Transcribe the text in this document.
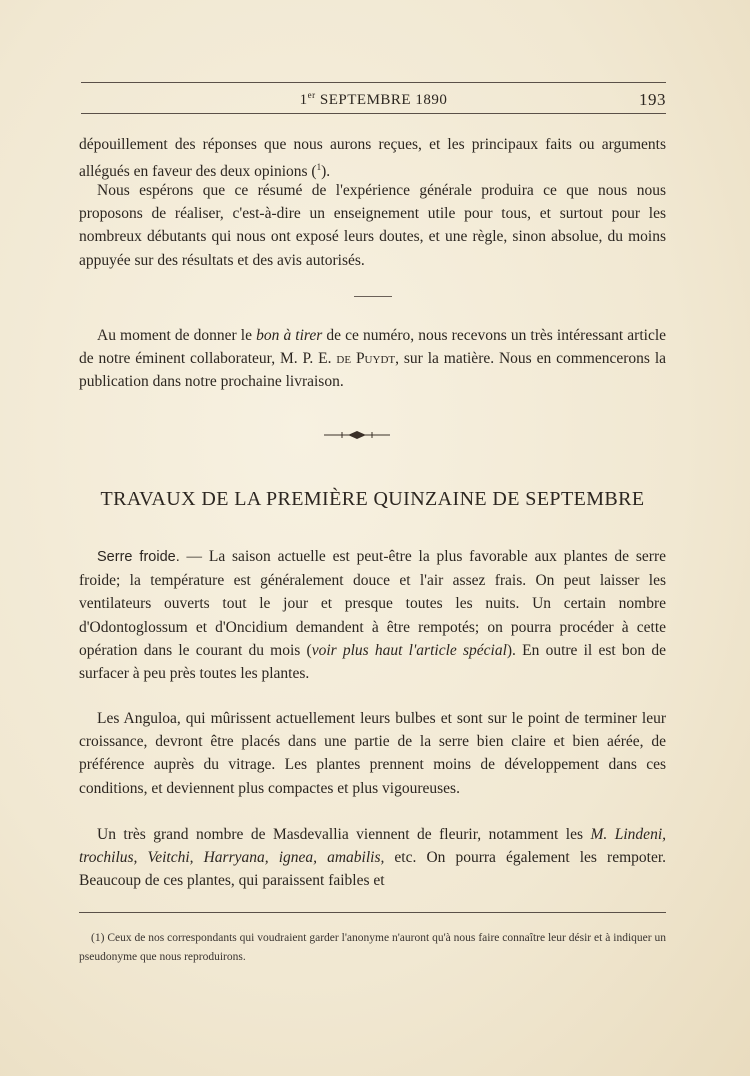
1er SEPTEMBRE 1890	193

dépouillement des réponses que nous aurons reçues, et les principaux faits ou arguments allégués en faveur des deux opinions ($^1$).

Nous espérons que ce résumé de l'expérience générale produira ce que nous nous proposons de réaliser, c'est-à-dire un enseignement utile pour tous, et surtout pour les nombreux débutants qui nous ont exposé leurs doutes, et une règle, sinon absolue, du moins appuyée sur des résultats et des avis autorisés.

Au moment de donner le bon à tirer de ce numéro, nous recevons un très intéressant article de notre éminent collaborateur, M. P. E. de Puydt, sur la matière. Nous en commencerons la publication dans notre prochaine livraison.

TRAVAUX DE LA PREMIÈRE QUINZAINE DE SEPTEMBRE

Serre froide. — La saison actuelle est peut-être la plus favorable aux plantes de serre froide; la température est généralement douce et l'air assez frais. On peut laisser les ventilateurs ouverts tout le jour et presque toutes les nuits. Un certain nombre d'Odontoglossum et d'Oncidium demandent à être rempotés; on pourra procéder à cette opération dans le courant du mois (voir plus haut l'article spécial). En outre il est bon de surfacer à peu près toutes les plantes.

Les Anguloa, qui mûrissent actuellement leurs bulbes et sont sur le point de terminer leur croissance, devront être placés dans une partie de la serre bien claire et bien aérée, de préférence auprès du vitrage. Les plantes prennent moins de développement dans ces conditions, et deviennent plus compactes et plus vigoureuses.

Un très grand nombre de Masdevallia viennent de fleurir, notamment les M. Lindeni, trochilus, Veitchi, Harryana, ignea, amabilis, etc. On pourra également les rempoter. Beaucoup de ces plantes, qui paraissent faibles et

(1) Ceux de nos correspondants qui voudraient garder l'anonyme n'auront qu'à nous faire connaître leur désir et à indiquer un pseudonyme que nous reproduirons.
